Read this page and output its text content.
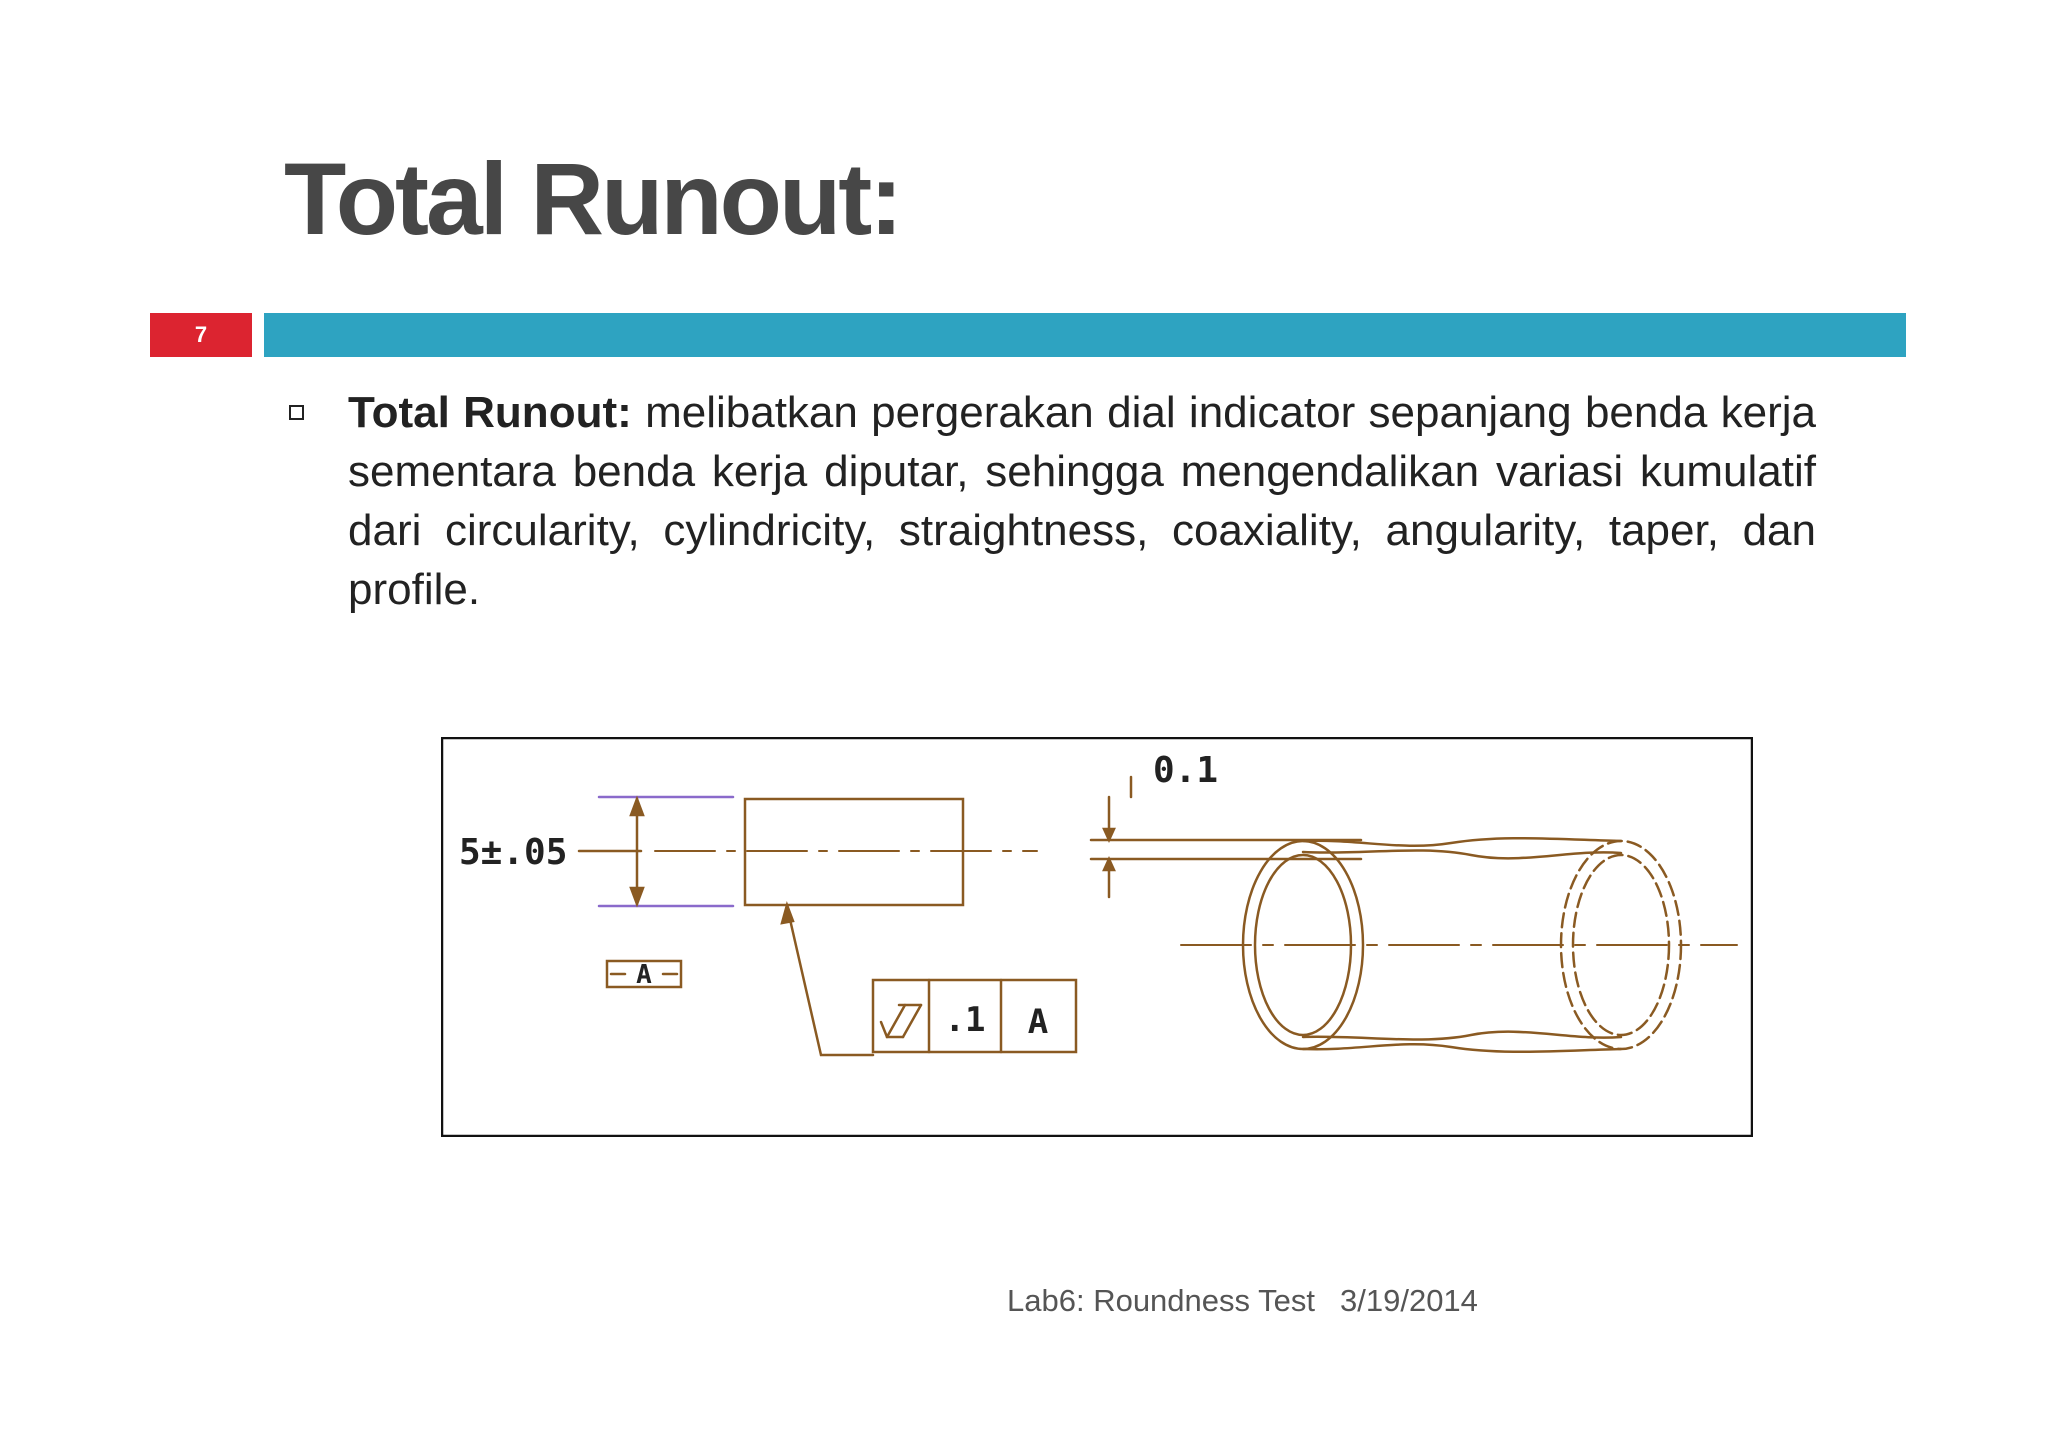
Total Runout:
7
Total Runout: melibatkan pergerakan dial indicator sepanjang benda kerja sementara benda kerja diputar, sehingga mengendalikan variasi kumulatif dari circularity, cylindricity, straightness, coaxiality, angularity, taper, dan profile.
5±.05
A
.1 A
0.1
Lab6: Roundness Test 3/19/2014
